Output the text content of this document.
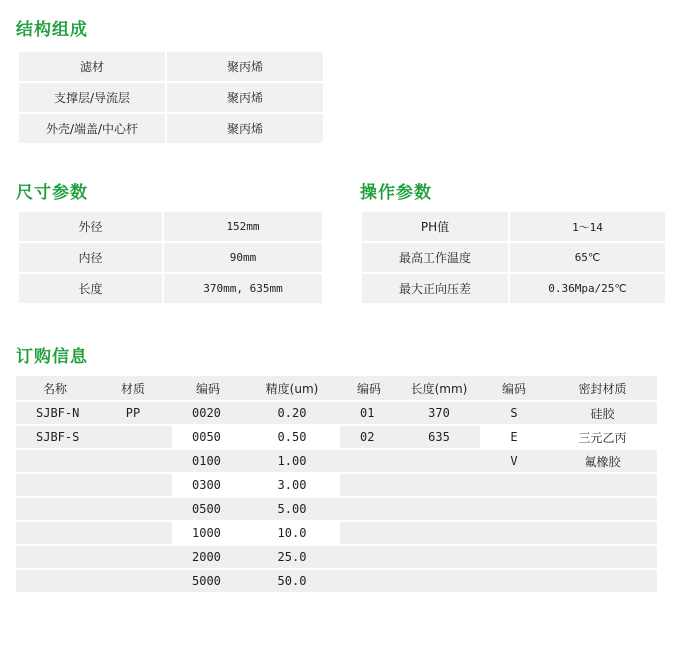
结构组成
滤材	聚丙烯
支撑层/导流层	聚丙烯
外壳/端盖/中心杆	聚丙烯
尺寸参数
外径	152mm
内径	90mm
长度	370mm, 635mm
操作参数
PH值	1～14
最高工作温度	65℃
最大正向压差	0.36Mpa/25℃
订购信息
名称	材质	编码	精度(um)	编码	长度(mm)	编码	密封材质
SJBF-N	PP	0020	0.20	01	370	S	硅胶
SJBF-S		0050	0.50	02	635	E	三元乙丙
		0100	1.00			V	氟橡胶
		0300	3.00				
		0500	5.00				
		1000	10.0				
		2000	25.0				
		5000	50.0				
